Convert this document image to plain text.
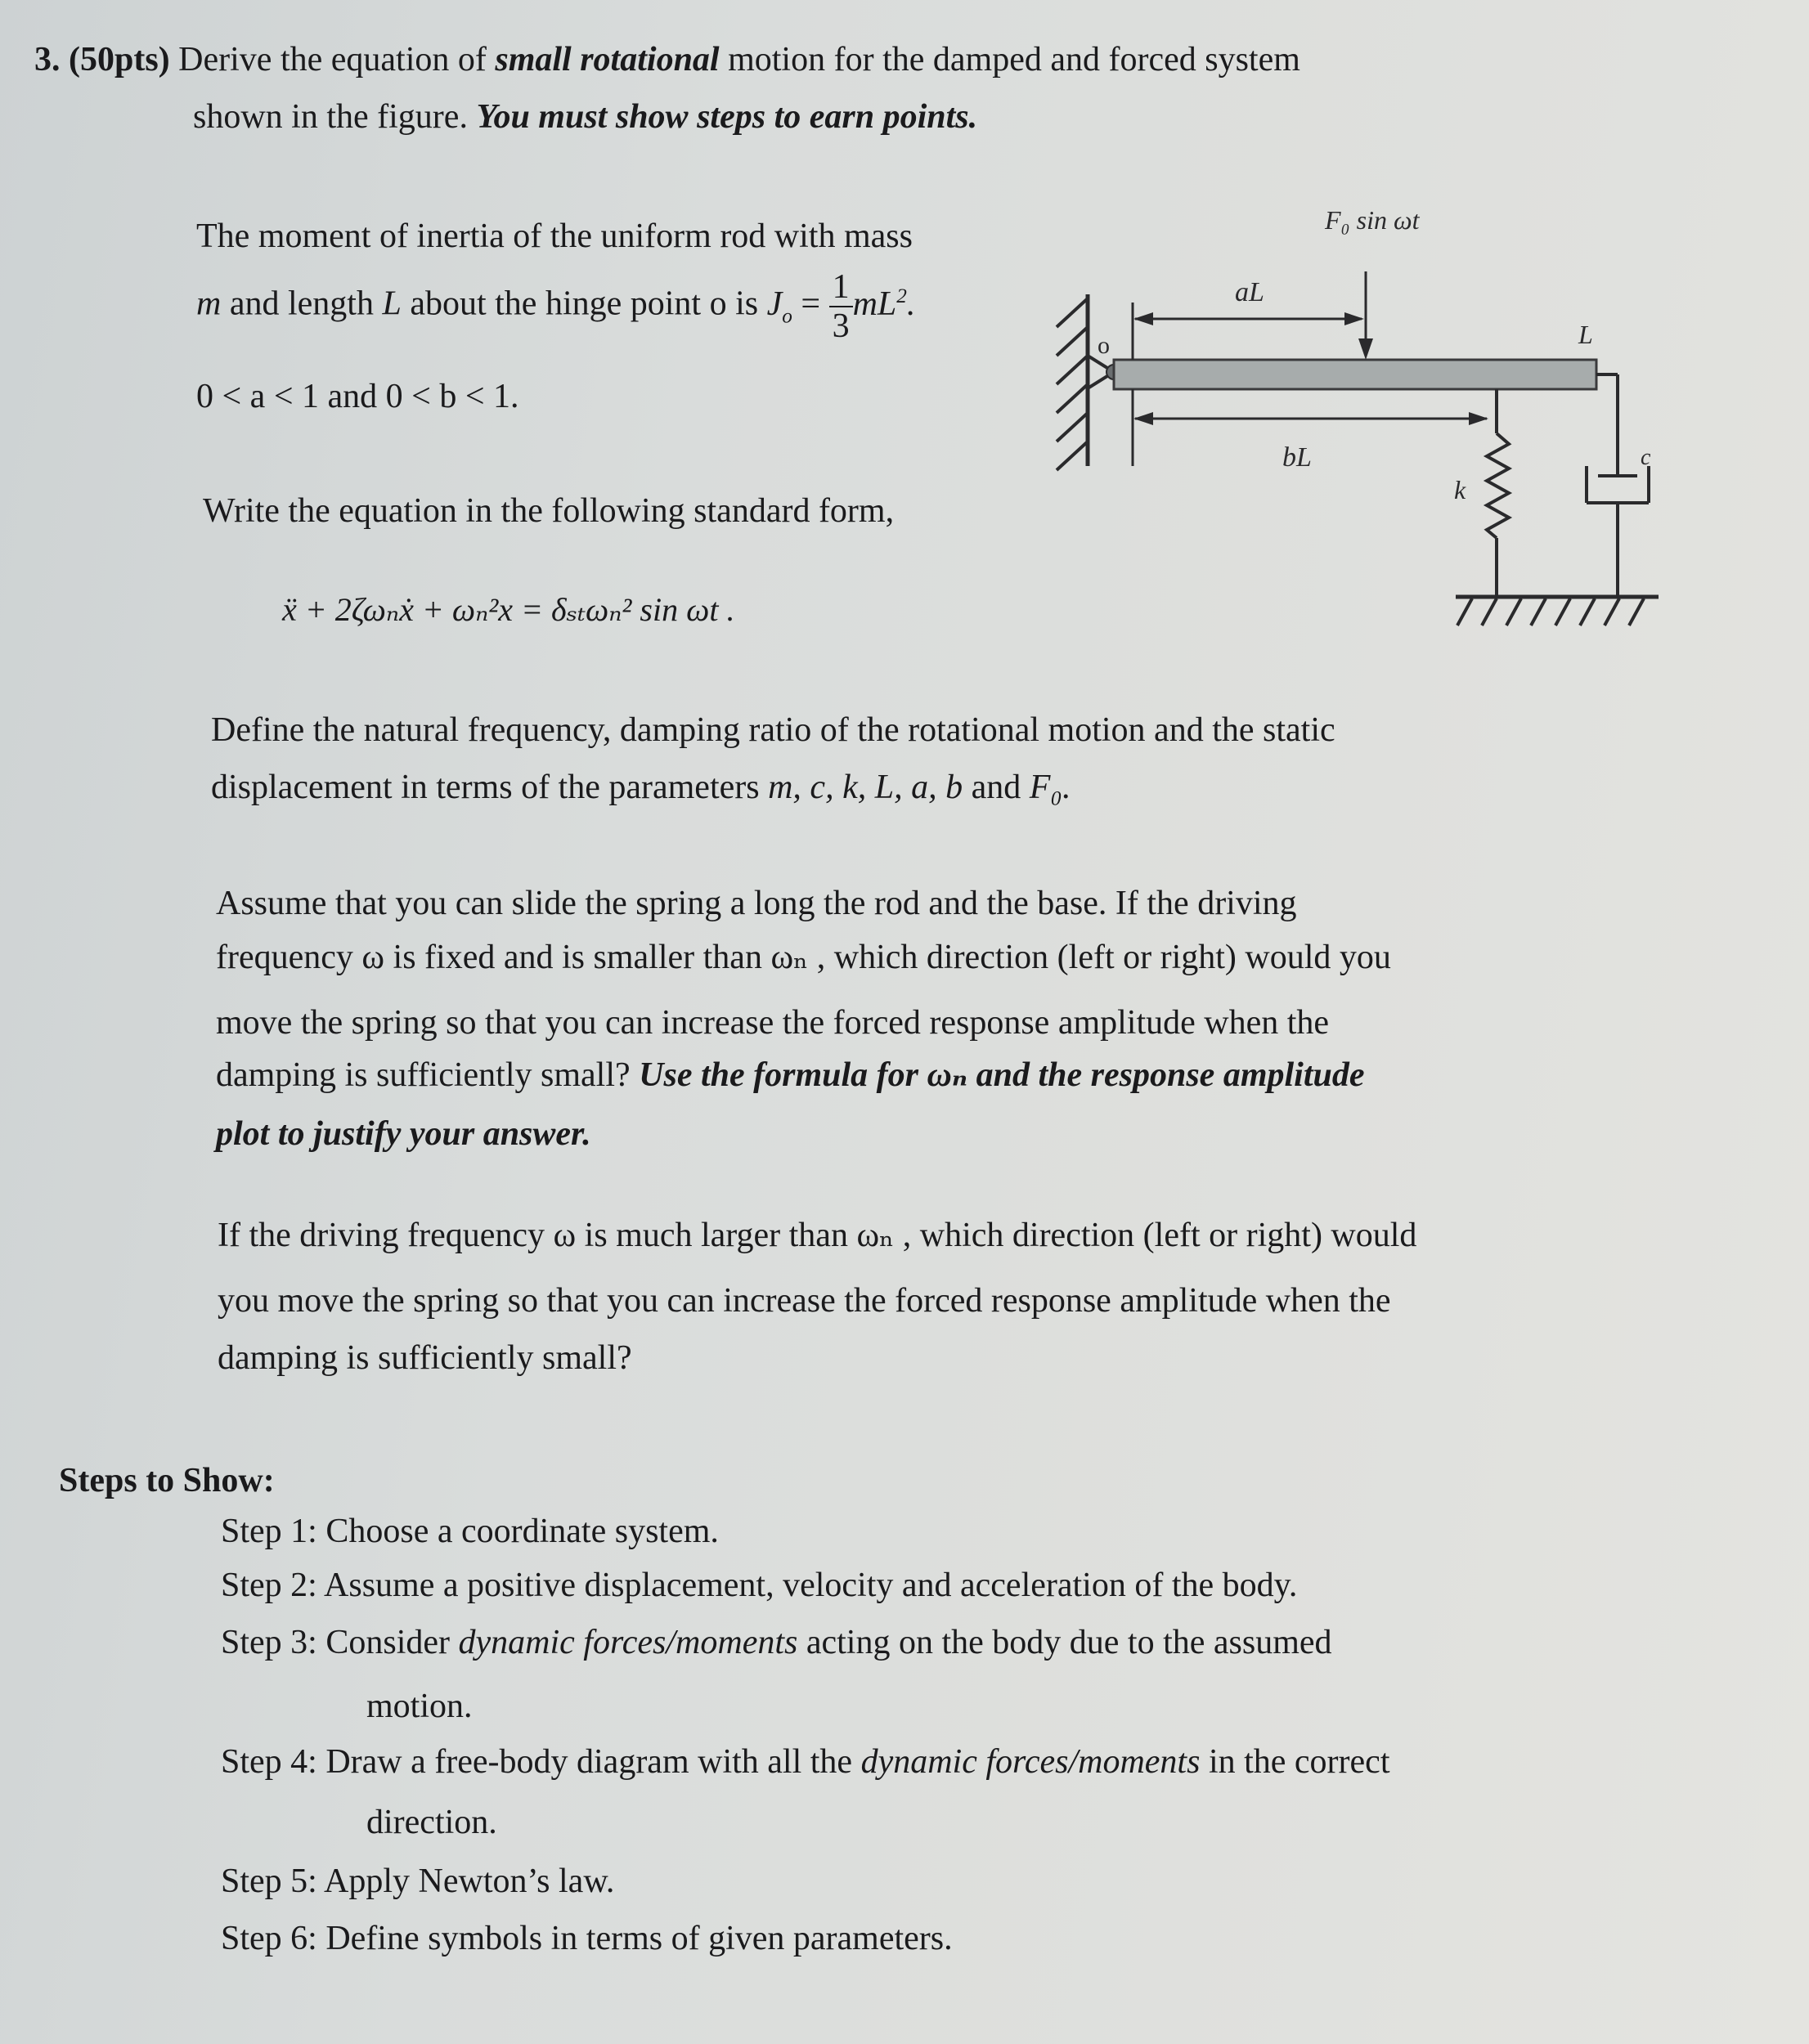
3. (50pts) Derive the equation of small rotational motion for the damped and forced system
shown in the figure. You must show steps to earn points.
The moment of inertia of the uniform rod with mass
m and length L about the hinge point o is $J_o = \frac{1}{3} mL^2$.
0 < a < 1 and 0 < b < 1.
Write the equation in the following standard form,
ẍ + 2ζωₙẋ + ωₙ²x = δₛₜωₙ² sin ωt .
Define the natural frequency, damping ratio of the rotational motion and the static
displacement in terms of the parameters m, c, k, L, a, b and F₀.
Assume that you can slide the spring a long the rod and the base. If the driving
frequency ω is fixed and is smaller than ωₙ , which direction (left or right) would you
move the spring so that you can increase the forced response amplitude when the
damping is sufficiently small? Use the formula for ωₙ and the response amplitude
plot to justify your answer.
If the driving frequency ω is much larger than ωₙ , which direction (left or right) would
you move the spring so that you can increase the forced response amplitude when the
damping is sufficiently small?
Steps to Show:
Step 1: Choose a coordinate system.
Step 2: Assume a positive displacement, velocity and acceleration of the body.
Step 3: Consider dynamic forces/moments acting on the body due to the assumed
motion.
Step 4: Draw a free-body diagram with all the dynamic forces/moments in the correct
direction.
Step 5: Apply Newton’s law.
Step 6: Define symbols in terms of given parameters.
o
aL
F₀ sin ωt
bL
L
k
c
